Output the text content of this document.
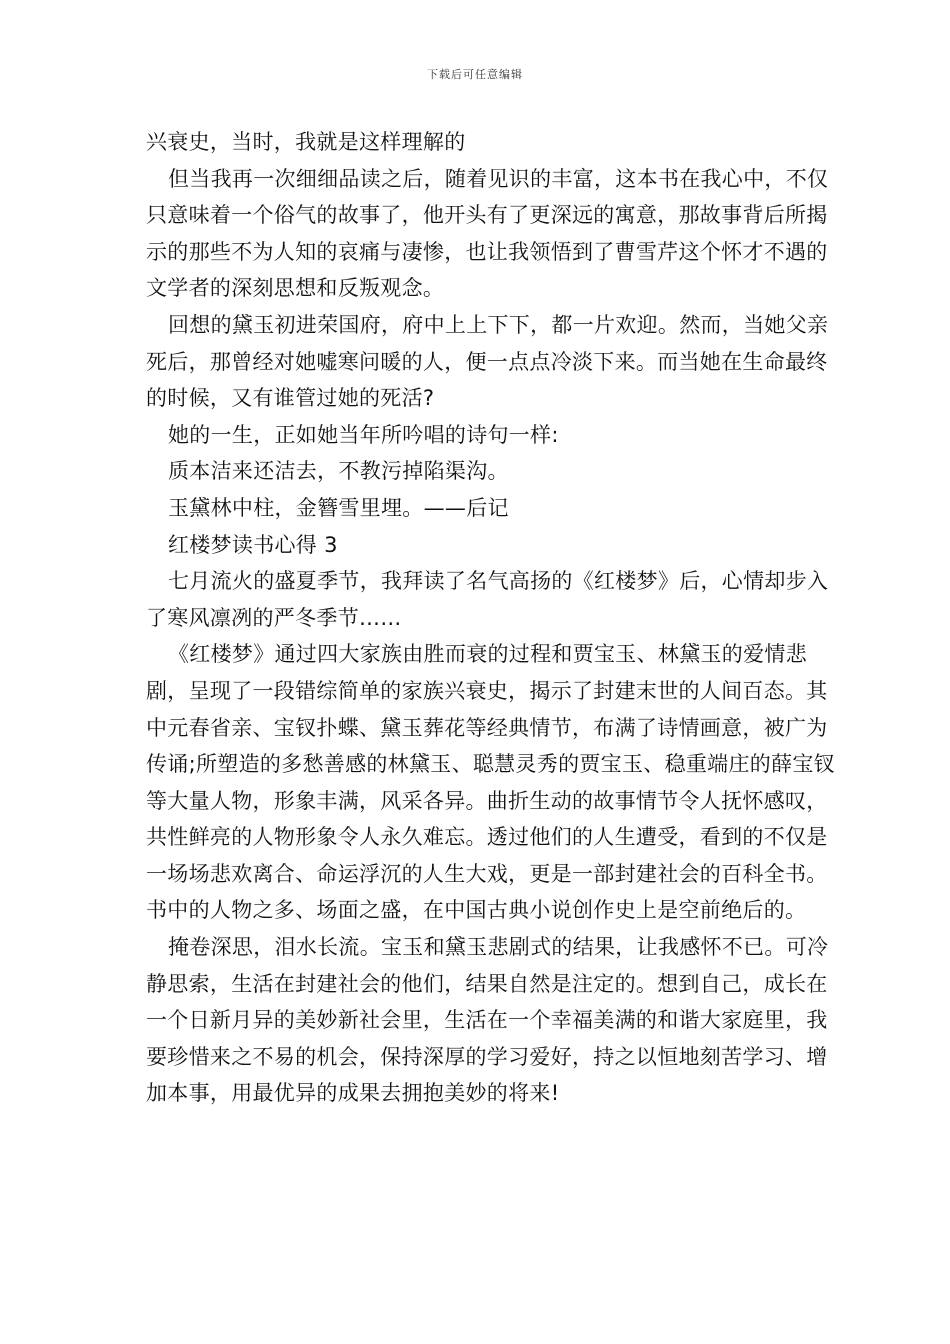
下载后可任意编辑

兴衰史，当时，我就是这样理解的

但当我再一次细细品读之后，随着见识的丰富，这本书在我心中，不仅只意味着一个俗气的故事了，他开头有了更深远的寓意，那故事背后所揭示的那些不为人知的哀痛与凄惨，也让我领悟到了曹雪芹这个怀才不遇的文学者的深刻思想和反叛观念。

回想的黛玉初进荣国府，府中上上下下，都一片欢迎。然而，当她父亲死后，那曾经对她嘘寒问暖的人，便一点点冷淡下来。而当她在生命最终的时候，又有谁管过她的死活?

她的一生，正如她当年所吟唱的诗句一样:

质本洁来还洁去，不教污掉陷渠沟。

玉黛林中柱，金簪雪里埋。——后记

红楼梦读书心得 3

七月流火的盛夏季节，我拜读了名气高扬的《红楼梦》后，心情却步入了寒风凛冽的严冬季节……

《红楼梦》通过四大家族由胜而衰的过程和贾宝玉、林黛玉的爱情悲剧，呈现了一段错综简单的家族兴衰史，揭示了封建末世的人间百态。其中元春省亲、宝钗扑蝶、黛玉葬花等经典情节，布满了诗情画意，被广为传诵;所塑造的多愁善感的林黛玉、聪慧灵秀的贾宝玉、稳重端庄的薛宝钗等大量人物，形象丰满，风采各异。曲折生动的故事情节令人抚怀感叹，共性鲜亮的人物形象令人永久难忘。透过他们的人生遭受，看到的不仅是一场场悲欢离合、命运浮沉的人生大戏，更是一部封建社会的百科全书。书中的人物之多、场面之盛，在中国古典小说创作史上是空前绝后的。

掩卷深思，泪水长流。宝玉和黛玉悲剧式的结果，让我感怀不已。可冷静思索，生活在封建社会的他们，结果自然是注定的。想到自己，成长在一个日新月异的美妙新社会里，生活在一个幸福美满的和谐大家庭里，我要珍惜来之不易的机会，保持深厚的学习爱好，持之以恒地刻苦学习、增加本事，用最优异的成果去拥抱美妙的将来!
